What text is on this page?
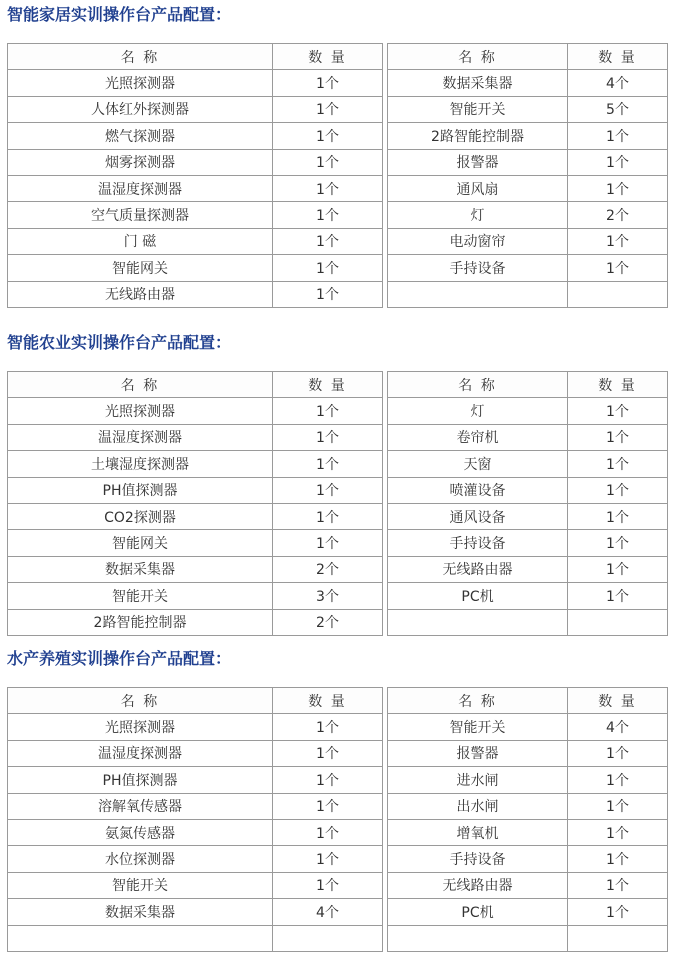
智能家居实训操作台产品配置：
名 称	数 量		名 称	数 量
光照探测器	1个		数据采集器	4个
人体红外探测器	1个		智能开关	5个
燃气探测器	1个		2路智能控制器	1个
烟雾探测器	1个		报警器	1个
温湿度探测器	1个		通风扇	1个
空气质量探测器	1个		灯	2个
门 磁	1个		电动窗帘	1个
智能网关	1个		手持设备	1个
无线路由器	1个			
智能农业实训操作台产品配置：
名 称	数 量		名 称	数 量
光照探测器	1个		灯	1个
温湿度探测器	1个		卷帘机	1个
土壤湿度探测器	1个		天窗	1个
PH值探测器	1个		喷灌设备	1个
CO2探测器	1个		通风设备	1个
智能网关	1个		手持设备	1个
数据采集器	2个		无线路由器	1个
智能开关	3个		PC机	1个
2路智能控制器	2个			
水产养殖实训操作台产品配置：
名 称	数 量		名 称	数 量
光照探测器	1个		智能开关	4个
温湿度探测器	1个		报警器	1个
PH值探测器	1个		进水闸	1个
溶解氧传感器	1个		出水闸	1个
氨氮传感器	1个		增氧机	1个
水位探测器	1个		手持设备	1个
智能开关	1个		无线路由器	1个
数据采集器	4个		PC机	1个
